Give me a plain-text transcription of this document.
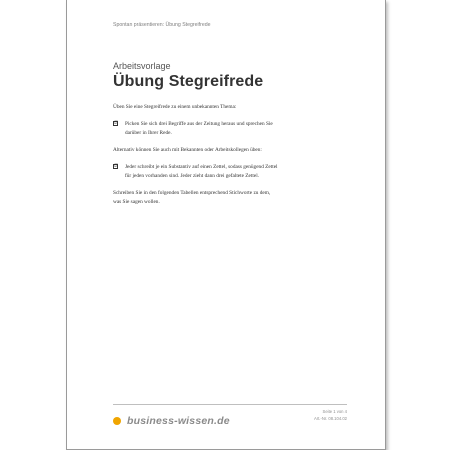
Spontan präsentieren: Übung Stegreifrede
Arbeitsvorlage
Übung Stegreifrede

Üben Sie eine Stegreifrede zu einem unbekannten Thema:

☑ Picken Sie sich drei Begriffe aus der Zeitung heraus und sprechen Sie
darüber in Ihrer Rede.

Alternativ können Sie auch mit Bekannten oder Arbeitskollegen üben:

☑ Jeder schreibt je ein Substantiv auf einen Zettel, sodass genügend Zettel
für jeden vorhanden sind. Jeder zieht dann drei gefaltete Zettel.

Schreiben Sie in den folgenden Tabellen entsprechend Stichworte zu dem,
was Sie sagen wollen.

business-wissen.de
Seite 1 von 4
Art.-Nr. 08.104.02
